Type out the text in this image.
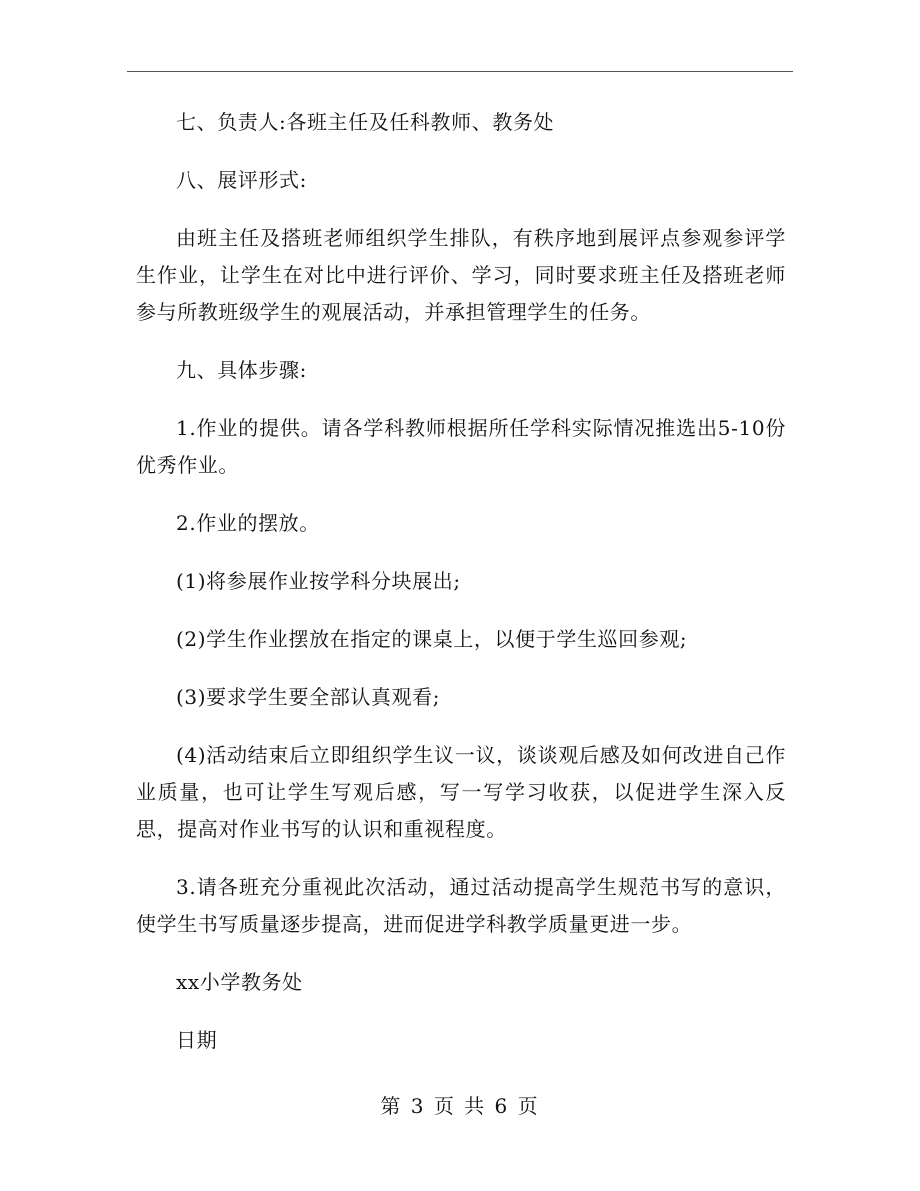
七、负责人:各班主任及任科教师、教务处

八、展评形式:

由班主任及搭班老师组织学生排队，有秩序地到展评点参观参评学生作业，让学生在对比中进行评价、学习，同时要求班主任及搭班老师参与所教班级学生的观展活动，并承担管理学生的任务。

九、具体步骤:

1.作业的提供。请各学科教师根据所任学科实际情况推选出5-10份优秀作业。

2.作业的摆放。

(1)将参展作业按学科分块展出;

(2)学生作业摆放在指定的课桌上，以便于学生巡回参观;

(3)要求学生要全部认真观看;

(4)活动结束后立即组织学生议一议，谈谈观后感及如何改进自己作业质量，也可让学生写观后感，写一写学习收获，以促进学生深入反思，提高对作业书写的认识和重视程度。

3.请各班充分重视此次活动，通过活动提高学生规范书写的意识，使学生书写质量逐步提高，进而促进学科教学质量更进一步。

xx小学教务处

日期

第 3 页 共 6 页
